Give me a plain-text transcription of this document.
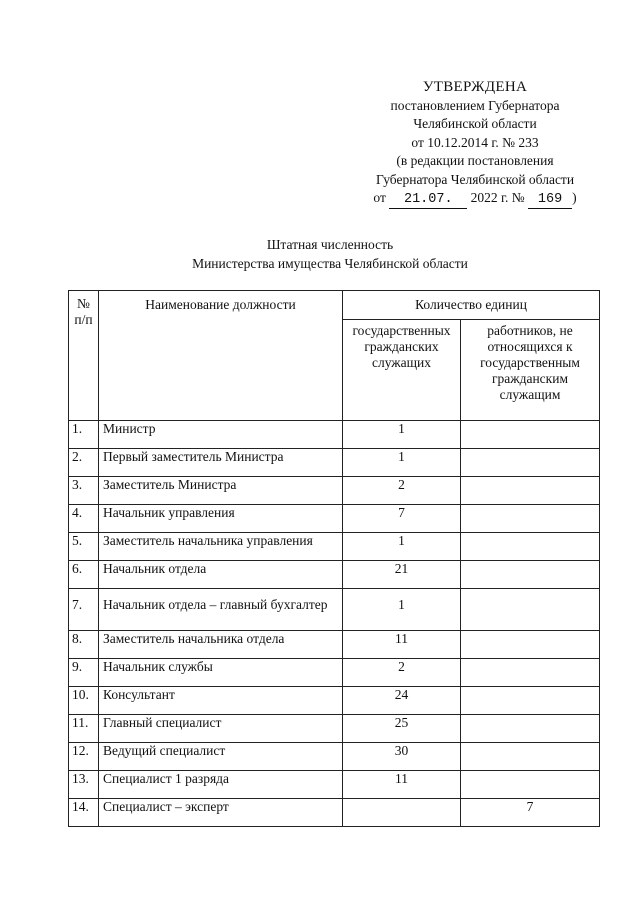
УТВЕРЖДЕНА
постановлением Губернатора
Челябинской области
от 10.12.2014 г. № 233
(в редакции постановления
Губернатора Челябинской области
от 21.07. 2022 г. № 169 )
Штатная численность
Министерства имущества Челябинской области
№ п/п	Наименование должности	Количество единиц	
		государственных гражданских служащих	работников, не относящихся к государственным гражданским служащим
1.	Министр	1	
2.	Первый заместитель Министра	1	
3.	Заместитель Министра	2	
4.	Начальник управления	7	
5.	Заместитель начальника управления	1	
6.	Начальник отдела	21	
7.	Начальник отдела – главный бухгалтер	1	
8.	Заместитель начальника отдела	11	
9.	Начальник службы	2	
10.	Консультант	24	
11.	Главный специалист	25	
12.	Ведущий специалист	30	
13.	Специалист 1 разряда	11	
14.	Специалист – эксперт		7
